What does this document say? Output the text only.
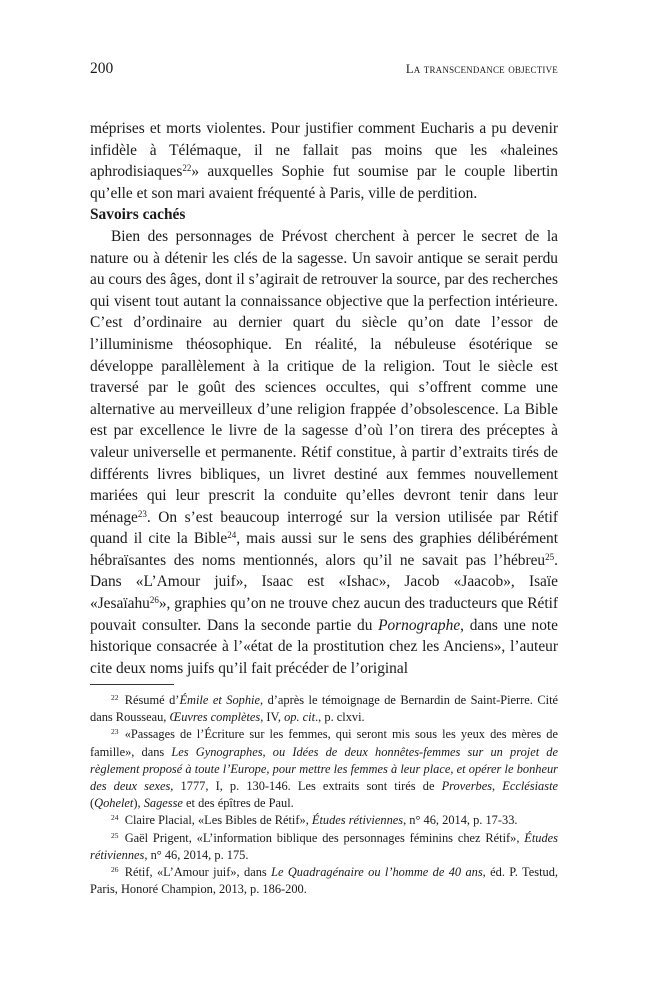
200	La transcendance objective

méprises et morts violentes. Pour justifier comment Eucharis a pu devenir infidèle à Télémaque, il ne fallait pas moins que les «haleines aphrodisiaques$^{22}$» auxquelles Sophie fut soumise par le couple libertin qu’elle et son mari avaient fréquenté à Paris, ville de perdition.

Savoirs cachés

Bien des personnages de Prévost cherchent à percer le secret de la nature ou à détenir les clés de la sagesse. Un savoir antique se serait perdu au cours des âges, dont il s’agirait de retrouver la source, par des recherches qui visent tout autant la connaissance objective que la perfection intérieure. C’est d’ordinaire au dernier quart du siècle qu’on date l’essor de l’illuminisme théosophique. En réalité, la nébuleuse ésotérique se développe parallèlement à la critique de la religion. Tout le siècle est traversé par le goût des sciences occultes, qui s’offrent comme une alternative au merveilleux d’une religion frappée d’obsolescence. La Bible est par excellence le livre de la sagesse d’où l’on tirera des préceptes à valeur universelle et permanente. Rétif constitue, à partir d’extraits tirés de différents livres bibliques, un livret destiné aux femmes nouvellement mariées qui leur prescrit la conduite qu’elles devront tenir dans leur ménage$^{23}$. On s’est beaucoup interrogé sur la version utilisée par Rétif quand il cite la Bible$^{24}$, mais aussi sur le sens des graphies délibérément hébraïsantes des noms mentionnés, alors qu’il ne savait pas l’hébreu$^{25}$. Dans «L’Amour juif», Isaac est «Ishac», Jacob «Jaacob», Isaïe «Jesaïahu$^{26}$», graphies qu’on ne trouve chez aucun des traducteurs que Rétif pouvait consulter. Dans la seconde partie du Pornographe, dans une note historique consacrée à l’«état de la prostitution chez les Anciens», l’auteur cite deux noms juifs qu’il fait précéder de l’original

$^{22}$  Résumé d’Émile et Sophie, d’après le témoignage de Bernardin de Saint-Pierre. Cité dans Rousseau, Œuvres complètes, IV, op. cit., p. clxvi.

$^{23}$  «Passages de l’Écriture sur les femmes, qui seront mis sous les yeux des mères de famille», dans Les Gynographes, ou Idées de deux honnêtes-femmes sur un projet de règlement proposé à toute l’Europe, pour mettre les femmes à leur place, et opérer le bonheur des deux sexes, 1777, I, p. 130-146. Les extraits sont tirés de Proverbes, Ecclésiaste (Qohelet), Sagesse et des épîtres de Paul.

$^{24}$  Claire Placial, «Les Bibles de Rétif», Études rétiviennes, n° 46, 2014, p. 17-33.

$^{25}$  Gaël Prigent, «L’information biblique des personnages féminins chez Rétif», Études rétiviennes, n° 46, 2014, p. 175.

$^{26}$  Rétif, «L’Amour juif», dans Le Quadragénaire ou l’homme de 40 ans, éd. P. Testud, Paris, Honoré Champion, 2013, p. 186-200.
